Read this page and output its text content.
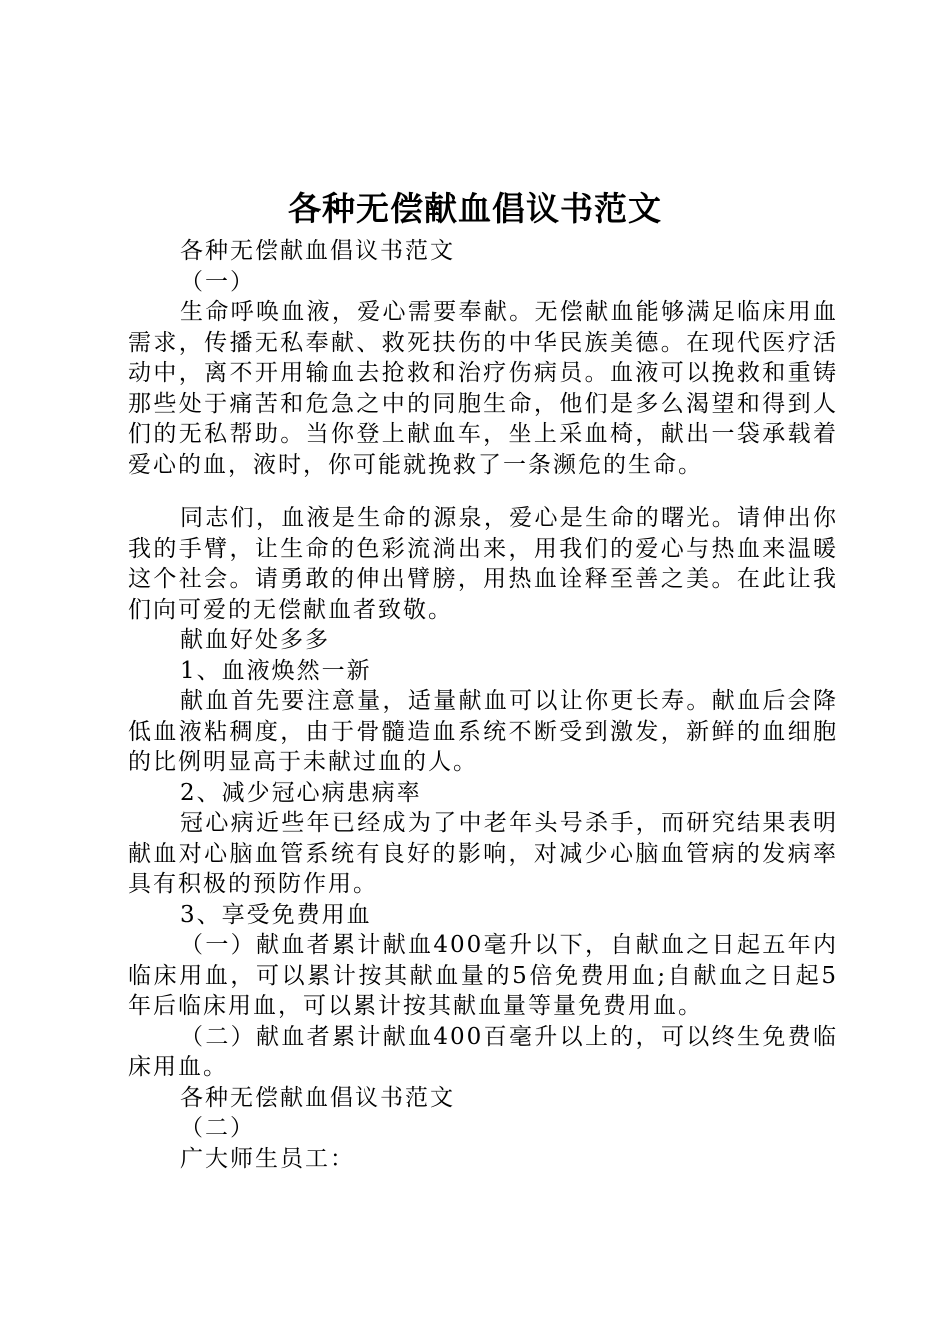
各种无偿献血倡议书范文

各种无偿献血倡议书范文

（一）

生命呼唤血液，爱心需要奉献。无偿献血能够满足临床用血需求，传播无私奉献、救死扶伤的中华民族美德。在现代医疗活动中，离不开用输血去抢救和治疗伤病员。血液可以挽救和重铸那些处于痛苦和危急之中的同胞生命，他们是多么渴望和得到人们的无私帮助。当你登上献血车，坐上采血椅，献出一袋承载着爱心的血，液时，你可能就挽救了一条濒危的生命。

同志们，血液是生命的源泉，爱心是生命的曙光。请伸出你我的手臂，让生命的色彩流淌出来，用我们的爱心与热血来温暖这个社会。请勇敢的伸出臂膀，用热血诠释至善之美。在此让我们向可爱的无偿献血者致敬。

献血好处多多

1、血液焕然一新

献血首先要注意量，适量献血可以让你更长寿。献血后会降低血液粘稠度，由于骨髓造血系统不断受到激发，新鲜的血细胞的比例明显高于未献过血的人。

2、减少冠心病患病率

冠心病近些年已经成为了中老年头号杀手，而研究结果表明献血对心脑血管系统有良好的影响，对减少心脑血管病的发病率具有积极的预防作用。

3、享受免费用血

（一）献血者累计献血400毫升以下，自献血之日起五年内临床用血，可以累计按其献血量的5倍免费用血;自献血之日起5年后临床用血，可以累计按其献血量等量免费用血。

（二）献血者累计献血400百毫升以上的，可以终生免费临床用血。

各种无偿献血倡议书范文

（二）

广大师生员工：
